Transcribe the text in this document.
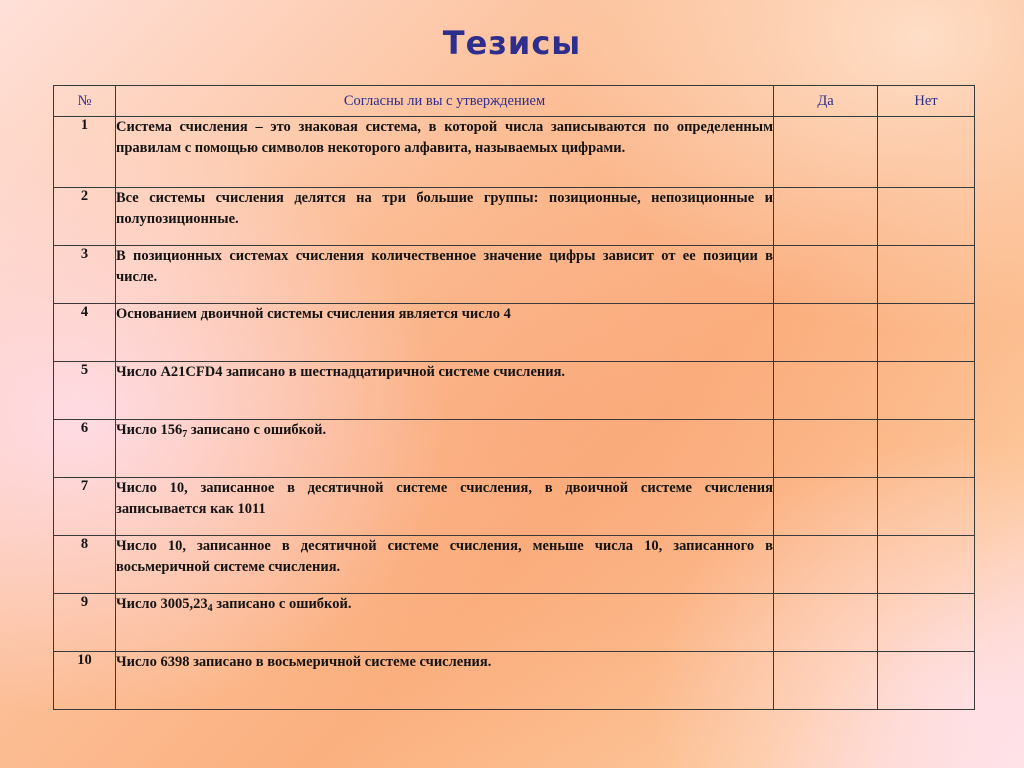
Тезисы
№	Согласны ли вы с утверждением	Да	Нет
1	Система счисления – это знаковая система, в которой числа записываются по определенным правилам с помощью символов некоторого алфавита, называемых цифрами.		
2	Все системы счисления делятся на три большие группы: позиционные, непозиционные и полупозиционные.		
3	В позиционных системах счисления количественное значение цифры зависит от ее позиции в числе.		
4	Основанием двоичной системы счисления является число 4		
5	Число A21CFD4 записано в шестнадцатиричной системе счисления.		
6	Число $156_7$ записано с ошибкой.		
7	Число 10, записанное в десятичной системе счисления, в двоичной системе счисления записывается как 1011		
8	Число 10, записанное в десятичной системе счисления, меньше числа 10, записанного в восьмеричной системе счисления.		
9	Число $3005,23_4$ записано с ошибкой.		
10	Число 6398 записано в восьмеричной системе счисления.		
